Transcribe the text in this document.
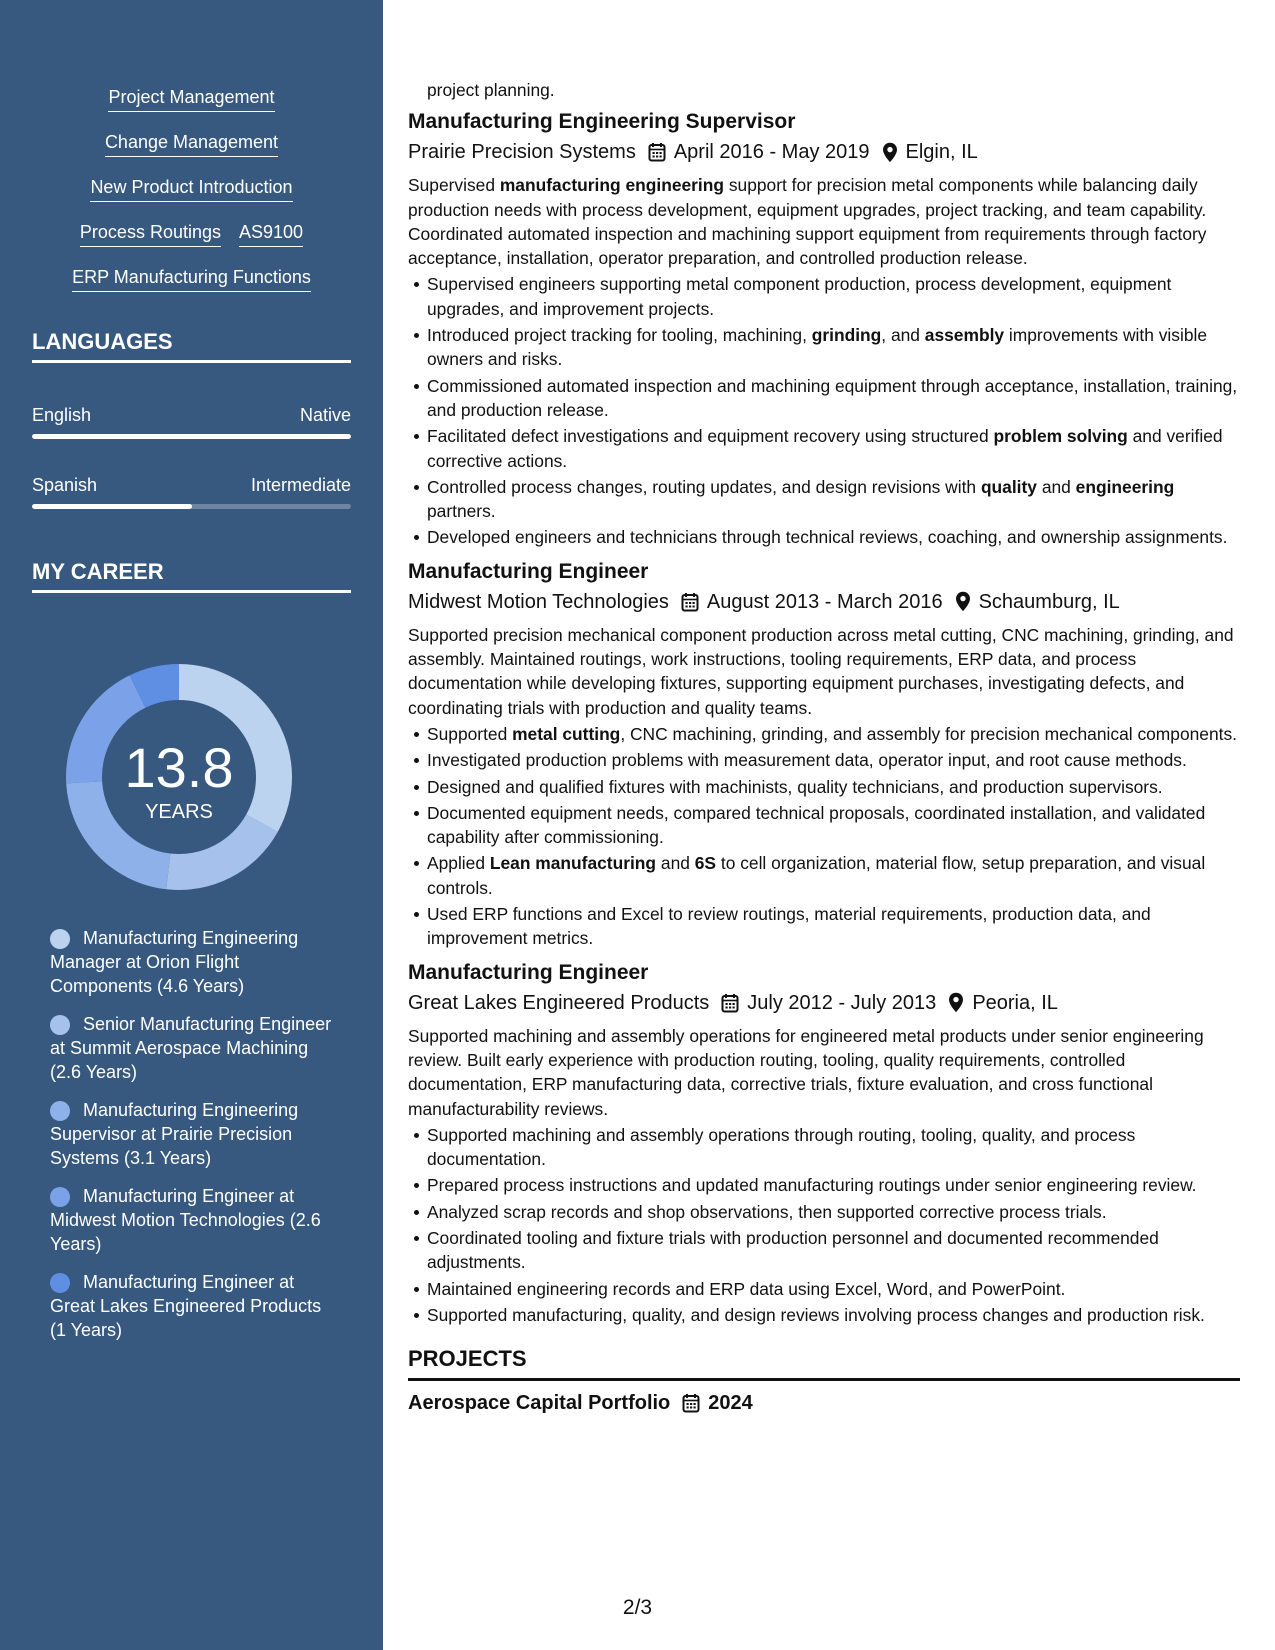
Project Management
Change Management
New Product Introduction
Process Routings AS9100
ERP Manufacturing Functions
LANGUAGES
English	Native
Spanish	Intermediate
MY CAREER
13.8
YEARS
Manufacturing Engineering Manager at Orion Flight Components (4.6 Years)
Senior Manufacturing Engineer at Summit Aerospace Machining (2.6 Years)
Manufacturing Engineering Supervisor at Prairie Precision Systems (3.1 Years)
Manufacturing Engineer at Midwest Motion Technologies (2.6 Years)
Manufacturing Engineer at Great Lakes Engineered Products (1 Years)
project planning.
Manufacturing Engineering Supervisor
Prairie Precision Systems April 2016 - May 2019 Elgin, IL
Supervised manufacturing engineering support for precision metal components while balancing daily production needs with process development, equipment upgrades, project tracking, and team capability. Coordinated automated inspection and machining support equipment from requirements through factory acceptance, installation, operator preparation, and controlled production release.
Supervised engineers supporting metal component production, process development, equipment upgrades, and improvement projects.
Introduced project tracking for tooling, machining, grinding, and assembly improvements with visible owners and risks.
Commissioned automated inspection and machining equipment through acceptance, installation, training, and production release.
Facilitated defect investigations and equipment recovery using structured problem solving and verified corrective actions.
Controlled process changes, routing updates, and design revisions with quality and engineering partners.
Developed engineers and technicians through technical reviews, coaching, and ownership assignments.
Manufacturing Engineer
Midwest Motion Technologies August 2013 - March 2016 Schaumburg, IL
Supported precision mechanical component production across metal cutting, CNC machining, grinding, and assembly. Maintained routings, work instructions, tooling requirements, ERP data, and process documentation while developing fixtures, supporting equipment purchases, investigating defects, and coordinating trials with production and quality teams.
Supported metal cutting, CNC machining, grinding, and assembly for precision mechanical components.
Investigated production problems with measurement data, operator input, and root cause methods.
Designed and qualified fixtures with machinists, quality technicians, and production supervisors.
Documented equipment needs, compared technical proposals, coordinated installation, and validated capability after commissioning.
Applied Lean manufacturing and 6S to cell organization, material flow, setup preparation, and visual controls.
Used ERP functions and Excel to review routings, material requirements, production data, and improvement metrics.
Manufacturing Engineer
Great Lakes Engineered Products July 2012 - July 2013 Peoria, IL
Supported machining and assembly operations for engineered metal products under senior engineering review. Built early experience with production routing, tooling, quality requirements, controlled documentation, ERP manufacturing data, corrective trials, fixture evaluation, and cross functional manufacturability reviews.
Supported machining and assembly operations through routing, tooling, quality, and process documentation.
Prepared process instructions and updated manufacturing routings under senior engineering review.
Analyzed scrap records and shop observations, then supported corrective process trials.
Coordinated tooling and fixture trials with production personnel and documented recommended adjustments.
Maintained engineering records and ERP data using Excel, Word, and PowerPoint.
Supported manufacturing, quality, and design reviews involving process changes and production risk.
PROJECTS
Aerospace Capital Portfolio 2024
2/3
